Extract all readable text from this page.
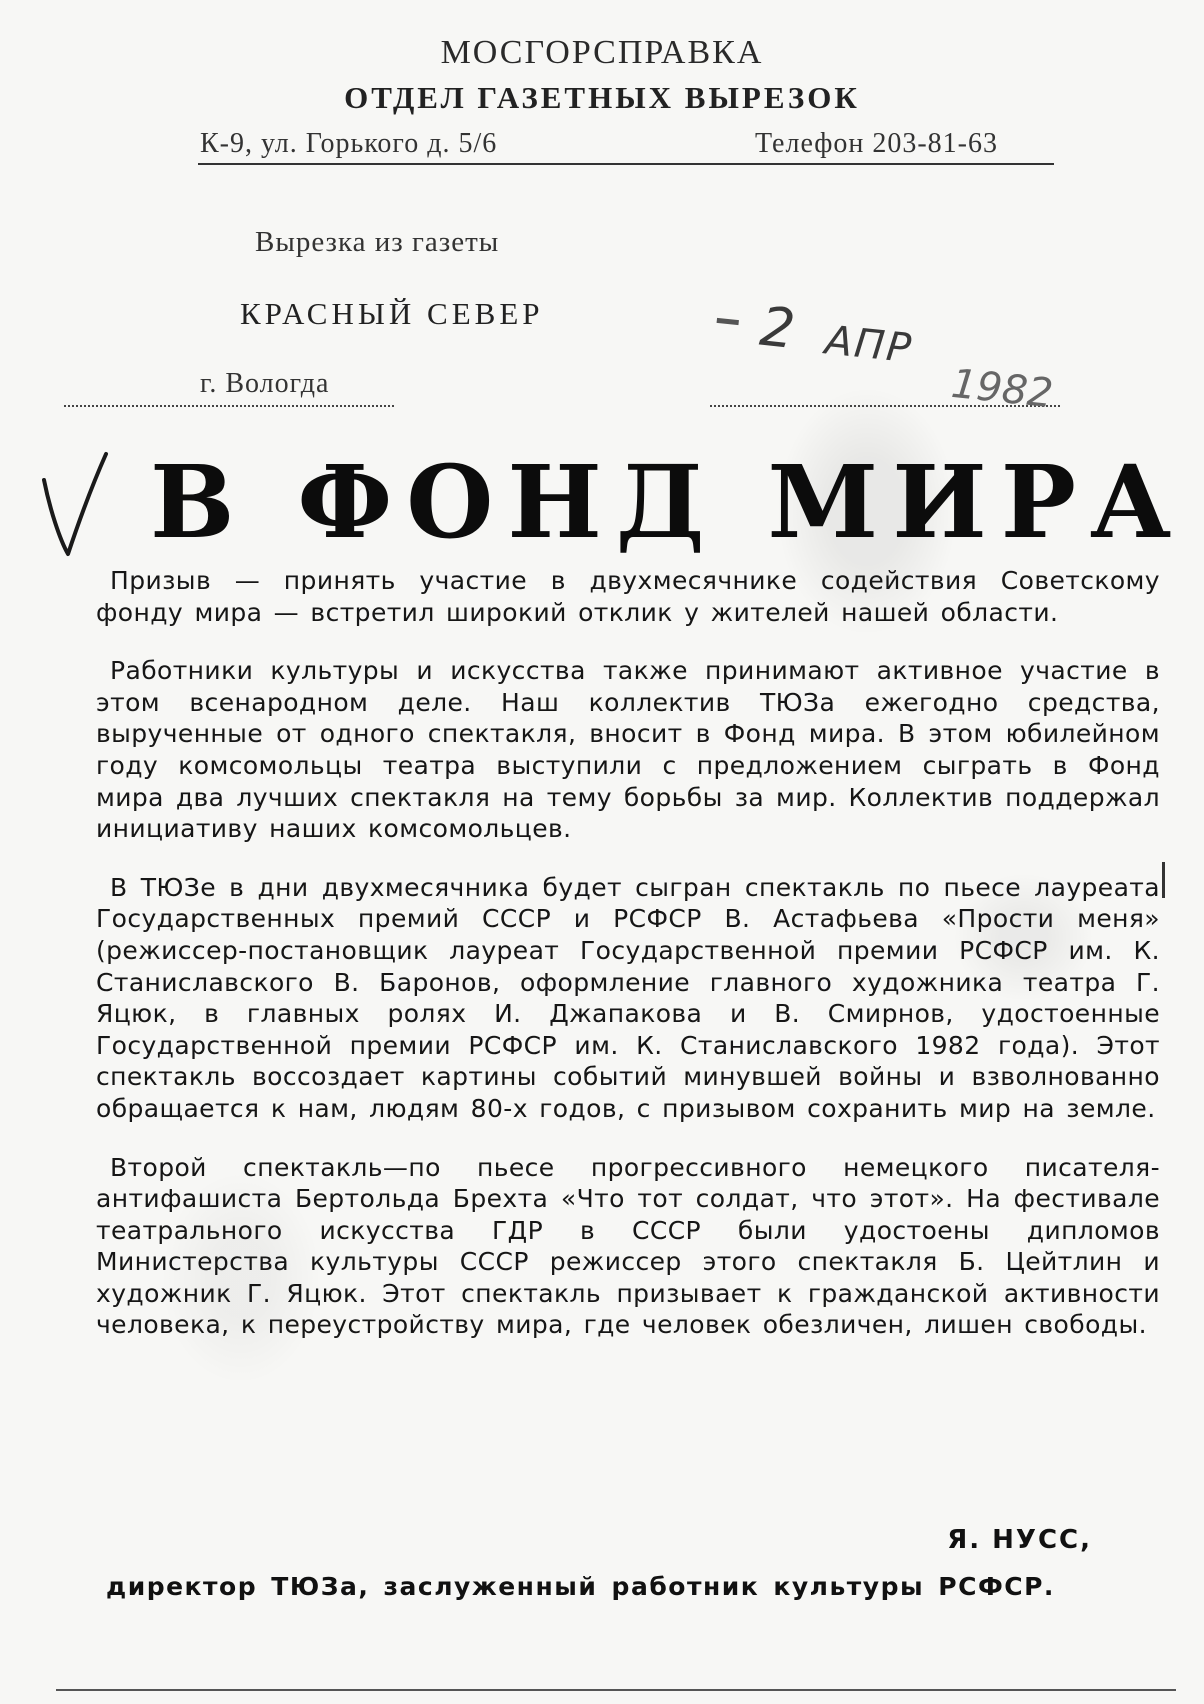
МОСГОРСПРАВКА
ОТДЕЛ ГАЗЕТНЫХ ВЫРЕЗОК
К-9, ул. Горького д. 5/6	Телефон 203-81-63
Вырезка из газеты
КРАСНЫЙ СЕВЕР
г. Вологда
2 АПР
1982
В ФОНД МИРА

Призыв — принять участие в двухмесячнике содействия Советскому фонду мира — встретил широкий отклик у жителей нашей области.

Работники культуры и искусства также принимают активное участие в этом всенародном деле. Наш коллектив ТЮЗа ежегодно средства, вырученные от одного спектакля, вносит в Фонд мира. В этом юбилейном году комсомольцы театра выступили с предложением сыграть в Фонд мира два лучших спектакля на тему борьбы за мир. Коллектив поддержал инициативу наших комсомольцев.

В ТЮЗе в дни двухмесячника будет сыгран спектакль по пьесе лауреата Государственных премий СССР и РСФСР В. Астафьева «Прости меня» (режиссер-постановщик лауреат Государственной премии РСФСР им. К. Станиславского В. Баронов, оформление главного художника театра Г. Яцюк, в главных ролях И. Джапакова и В. Смирнов, удостоенные Государственной премии РСФСР им. К. Станиславского 1982 года). Этот спектакль воссоздает картины событий минувшей войны и взволнованно обращается к нам, людям 80-х годов, с призывом сохранить мир на земле.

Второй спектакль—по пьесе прогрессивного немецкого писателя-антифашиста Бертольда Брехта «Что тот солдат, что этот». На фестивале театрального искусства ГДР в СССР были удостоены дипломов Министерства культуры СССР режиссер этого спектакля Б. Цейтлин и художник Г. Яцюк. Этот спектакль призывает к гражданской активности человека, к переустройству мира, где человек обезличен, лишен свободы.

Я. НУСС,
директор ТЮЗа, заслуженный работник культуры РСФСР.
